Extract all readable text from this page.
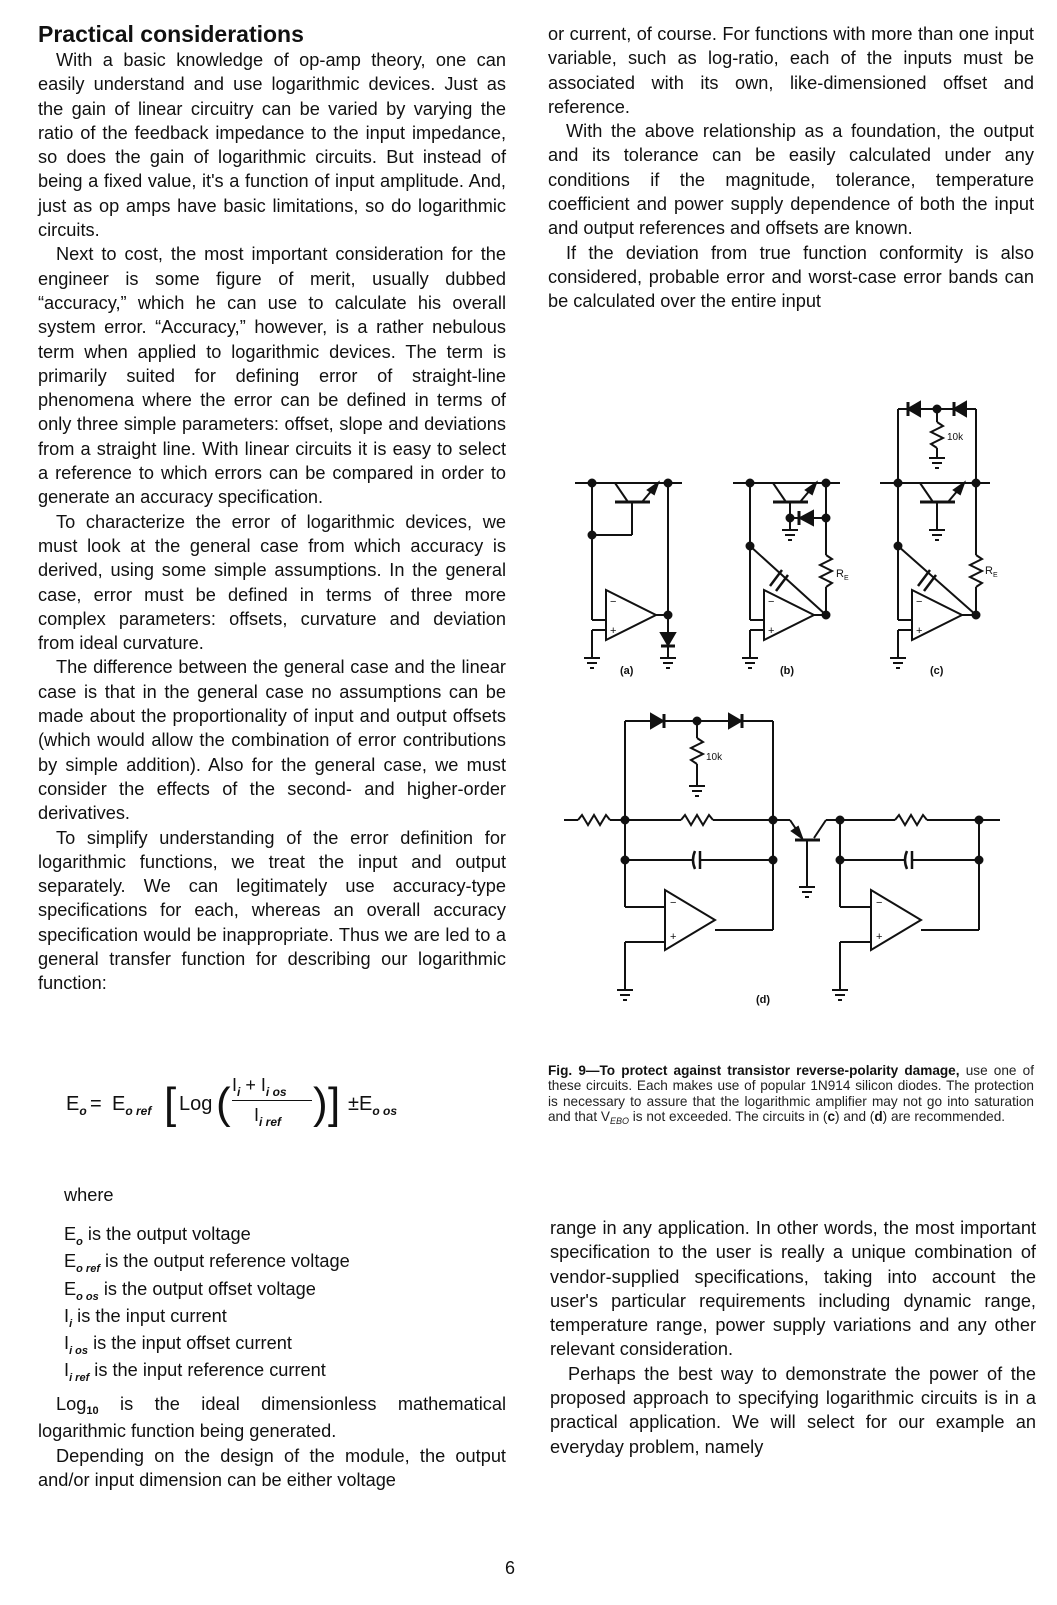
Practical considerations

With a basic knowledge of op-amp theory, one can easily understand and use logarithmic devices. Just as the gain of linear circuitry can be varied by varying the ratio of the feedback impedance to the input impedance, so does the gain of logarithmic circuits. But instead of being a fixed value, it's a function of input amplitude. And, just as op amps have basic limitations, so do logarithmic circuits.

Next to cost, the most important consideration for the engineer is some figure of merit, usually dubbed “accuracy,” which he can use to calculate his overall system error. “Accuracy,” however, is a rather nebulous term when applied to logarithmic devices. The term is primarily suited for defining error of straight-line phenomena where the error can be defined in terms of only three simple parameters: offset, slope and deviations from a straight line. With linear circuits it is easy to select a reference to which errors can be compared in order to generate an accuracy specification.

To characterize the error of logarithmic devices, we must look at the general case from which accuracy is derived, using some simple assumptions. In the general case, error must be defined in terms of three more complex parameters: offsets, curvature and deviation from ideal curvature.

The difference between the general case and the linear case is that in the general case no assumptions can be made about the proportionality of input and output offsets (which would allow the combination of error contributions by simple addition). Also for the general case, we must consider the effects of the second- and higher-order derivatives.

To simplify understanding of the error definition for logarithmic functions, we treat the input and output separately. We can legitimately use accuracy-type specifications for each, whereas an overall accuracy specification would be inappropriate. Thus we are led to a general transfer function for describing our logarithmic function:

$E_o = E_{o ref}$ [ Log ( $I_i + I_{i os}$
$I_{i ref}$ ) ] $\pm E_{o os}$
where
$E_o$ is the output voltage
$E_{o ref}$ is the output reference voltage
$E_{o os}$ is the output offset voltage
$I_i$ is the input current
$I_{i os}$ is the input offset current
$I_{i ref}$ is the input reference current

Log$_{10}$ is the ideal dimensionless mathematical logarithmic function being generated.

Depending on the design of the module, the output and/or input dimension can be either voltage

or current, of course. For functions with more than one input variable, such as log-ratio, each of the inputs must be associated with its own, like-dimensioned offset and reference.

With the above relationship as a foundation, the output and its tolerance can be easily calculated under any conditions if the magnitude, tolerance, temperature coefficient and power supply dependence of both the input and output references and offsets are known.

If the deviation from true function conformity is also considered, probable error and worst-case error bands can be calculated over the entire input

−
+
(a)
−
+
R E
(b)
10k
−
+
R E
(c)
10k
−
+
−
+
(d)
Fig. 9—To protect against transistor reverse-polarity damage, use one of these circuits. Each makes use of popular 1N914 silicon diodes. The protection is necessary to assure that the logarithmic amplifier may not go into saturation and that $V_{EBO}$ is not exceeded. The circuits in (c) and (d) are recommended.

range in any application. In other words, the most important specification to the user is really a unique combination of vendor-supplied specifications, taking into account the user's particular requirements including dynamic range, temperature range, power supply variations and any other relevant consideration.

Perhaps the best way to demonstrate the power of the proposed approach to specifying logarithmic circuits is in a practical application. We will select for our example an everyday problem, namely

6
